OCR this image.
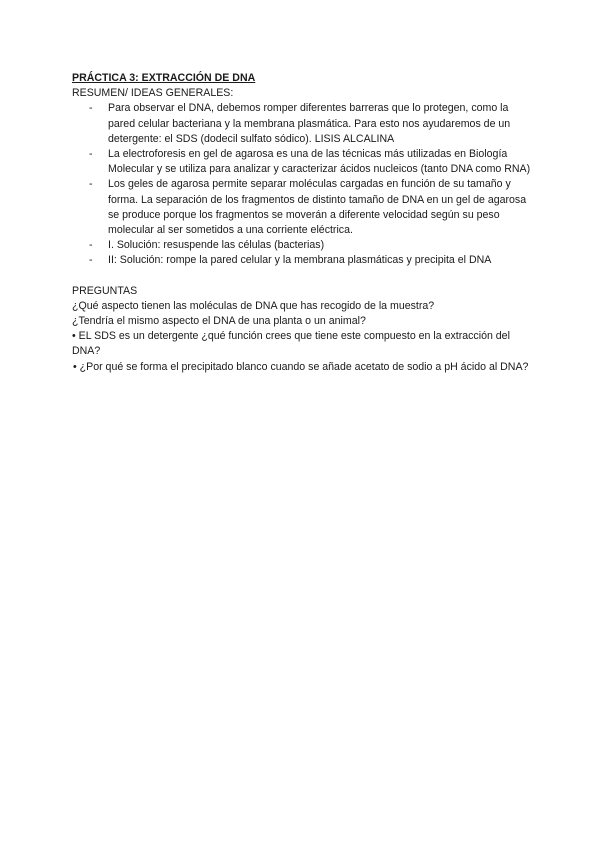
PRÁCTICA 3: EXTRACCIÓN DE DNA
RESUMEN/ IDEAS GENERALES:
- Para observar el DNA, debemos romper diferentes barreras que lo protegen, como la pared celular bacteriana y la membrana plasmática. Para esto nos ayudaremos de un detergente: el SDS (dodecil sulfato sódico). LISIS ALCALINA
- La electroforesis en gel de agarosa es una de las técnicas más utilizadas en Biología Molecular y se utiliza para analizar y caracterizar ácidos nucleicos (tanto DNA como RNA)
- Los geles de agarosa permite separar moléculas cargadas en función de su tamaño y forma. La separación de los fragmentos de distinto tamaño de DNA en un gel de agarosa se produce porque los fragmentos se moverán a diferente velocidad según su peso molecular al ser sometidos a una corriente eléctrica.
- I. Solución: resuspende las células (bacterias)
- II: Solución: rompe la pared celular y la membrana plasmáticas y precipita el DNA
PREGUNTAS

¿Qué aspecto tienen las moléculas de DNA que has recogido de la muestra?

¿Tendría el mismo aspecto el DNA de una planta o un animal?

• EL SDS es un detergente ¿qué función crees que tiene este compuesto en la extracción del DNA?

• ¿Por qué se forma el precipitado blanco cuando se añade acetato de sodio a pH ácido al DNA?
